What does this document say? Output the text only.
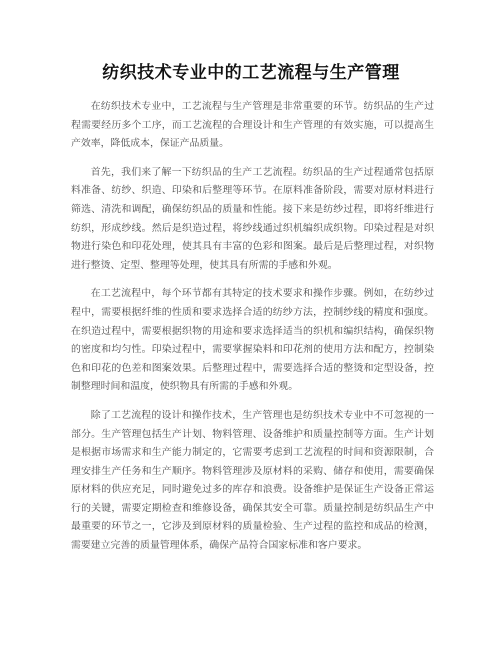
纺织技术专业中的工艺流程与生产管理

在纺织技术专业中，工艺流程与生产管理是非常重要的环节。纺织品的生产过程需要经历多个工序，而工艺流程的合理设计和生产管理的有效实施，可以提高生产效率，降低成本，保证产品质量。

首先，我们来了解一下纺织品的生产工艺流程。纺织品的生产过程通常包括原料准备、纺纱、织造、印染和后整理等环节。在原料准备阶段，需要对原材料进行筛选、清洗和调配，确保纺织品的质量和性能。接下来是纺纱过程，即将纤维进行纺织，形成纱线。然后是织造过程，将纱线通过织机编织成织物。印染过程是对织物进行染色和印花处理，使其具有丰富的色彩和图案。最后是后整理过程，对织物进行整烫、定型、整理等处理，使其具有所需的手感和外观。

在工艺流程中，每个环节都有其特定的技术要求和操作步骤。例如，在纺纱过程中，需要根据纤维的性质和要求选择合适的纺纱方法，控制纱线的精度和强度。在织造过程中，需要根据织物的用途和要求选择适当的织机和编织结构，确保织物的密度和均匀性。印染过程中，需要掌握染料和印花剂的使用方法和配方，控制染色和印花的色差和图案效果。后整理过程中，需要选择合适的整烫和定型设备，控制整理时间和温度，使织物具有所需的手感和外观。

除了工艺流程的设计和操作技术，生产管理也是纺织技术专业中不可忽视的一部分。生产管理包括生产计划、物料管理、设备维护和质量控制等方面。生产计划是根据市场需求和生产能力制定的，它需要考虑到工艺流程的时间和资源限制，合理安排生产任务和生产顺序。物料管理涉及原材料的采购、储存和使用，需要确保原材料的供应充足，同时避免过多的库存和浪费。设备维护是保证生产设备正常运行的关键，需要定期检查和维修设备，确保其安全可靠。质量控制是纺织品生产中最重要的环节之一，它涉及到原材料的质量检验、生产过程的监控和成品的检测，需要建立完善的质量管理体系，确保产品符合国家标准和客户要求。
